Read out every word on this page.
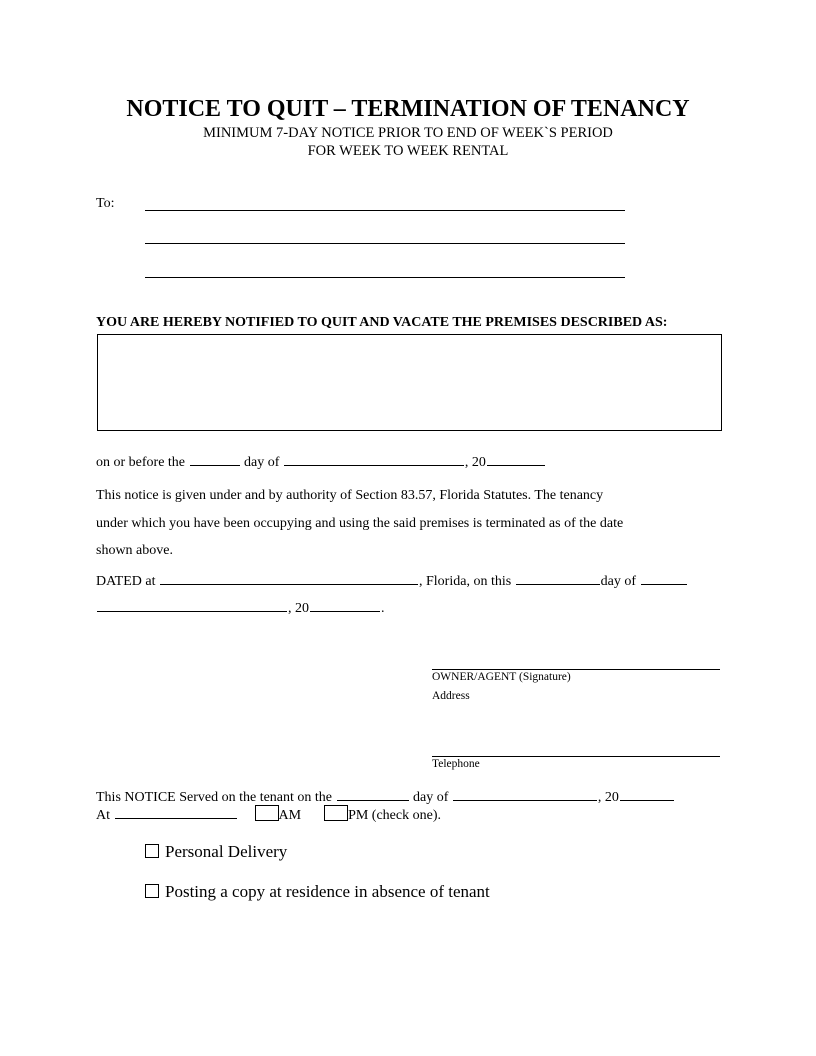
NOTICE TO QUIT – TERMINATION OF TENANCY
MINIMUM 7-DAY NOTICE PRIOR TO END OF WEEK`S PERIOD
FOR WEEK TO WEEK RENTAL
To:
YOU ARE HEREBY NOTIFIED TO QUIT AND VACATE THE PREMISES DESCRIBED AS:
on or before the	day of	, 20
This notice is given under and by authority of Section 83.57, Florida Statutes. The tenancy
under which you have been occupying and using the said premises is terminated as of the date
shown above.
DATED at	, Florida, on this	day of
, 20	.
OWNER/AGENT (Signature)
Address
Telephone
This NOTICE Served on the tenant on the	day of	, 20
At	AM	PM (check one).
Personal Delivery
Posting a copy at residence in absence of tenant
